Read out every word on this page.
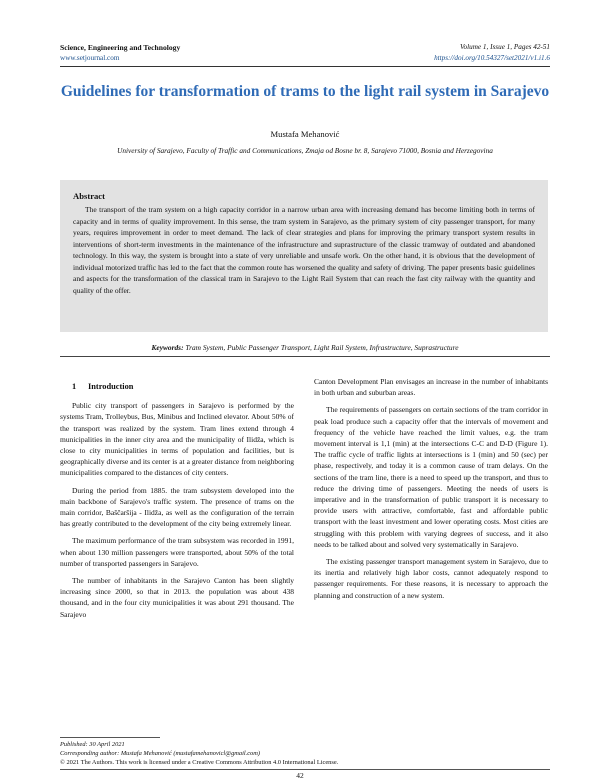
Science, Engineering and Technology
www.setjournal.com
Volume 1, Issue 1, Pages 42-51
https://doi.org/10.54327/set2021/v1.i1.6
Guidelines for transformation of trams to the light rail system in Sarajevo
Mustafa Mehanović
University of Sarajevo, Faculty of Traffic and Communications, Zmaja od Bosne br. 8, Sarajevo 71000, Bosnia and Herzegovina
Abstract

The transport of the tram system on a high capacity corridor in a narrow urban area with increasing demand has become limiting both in terms of capacity and in terms of quality improvement. In this sense, the tram system in Sarajevo, as the primary system of city passenger transport, for many years, requires improvement in order to meet demand. The lack of clear strategies and plans for improving the primary transport system results in interventions of short-term investments in the maintenance of the infrastructure and suprastructure of the classic tramway of outdated and abandoned technology. In this way, the system is brought into a state of very unreliable and unsafe work. On the other hand, it is obvious that the development of individual motorized traffic has led to the fact that the common route has worsened the quality and safety of driving. The paper presents basic guidelines and aspects for the transformation of the classical tram in Sarajevo to the Light Rail System that can reach the fast city railway with the quantity and quality of the offer.

Keywords: Tram System, Public Passenger Transport, Light Rail System, Infrastructure, Suprastructure
1 Introduction

Public city transport of passengers in Sarajevo is performed by the systems Tram, Trolleybus, Bus, Minibus and Inclined elevator. About 50% of the transport was realized by the system. Tram lines extend through 4 municipalities in the inner city area and the municipality of Ilidža, which is close to city municipalities in terms of population and facilities, but is geographically diverse and its center is at a greater distance from neighboring municipalities compared to the distances of city centers.

During the period from 1885. the tram subsystem developed into the main backbone of Sarajevo's traffic system. The presence of trams on the main corridor, Baščaršija - Ilidža, as well as the configuration of the terrain has greatly contributed to the development of the city being extremely linear.

The maximum performance of the tram subsystem was recorded in 1991, when about 130 million passengers were transported, about 50% of the total number of transported passengers in Sarajevo.

The number of inhabitants in the Sarajevo Canton has been slightly increasing since 2000, so that in 2013. the population was about 438 thousand, and in the four city municipalities it was about 291 thousand. The Sarajevo

Canton Development Plan envisages an increase in the number of inhabitants in both urban and suburban areas.

The requirements of passengers on certain sections of the tram corridor in peak load produce such a capacity offer that the intervals of movement and frequency of the vehicle have reached the limit values, e.g. the tram movement interval is 1,1 (min) at the intersections C-C and D-D (Figure 1). The traffic cycle of traffic lights at intersections is 1 (min) and 50 (sec) per phase, respectively, and today it is a common cause of tram delays. On the sections of the tram line, there is a need to speed up the transport, and thus to reduce the driving time of passengers. Meeting the needs of users is imperative and in the transformation of public transport it is necessary to provide users with attractive, comfortable, fast and affordable public transport with the least investment and lower operating costs. Most cities are struggling with this problem with varying degrees of success, and it also needs to be talked about and solved very systematically in Sarajevo.

The existing passenger transport management system in Sarajevo, due to its inertia and relatively high labor costs, cannot adequately respond to passenger requirements. For these reasons, it is necessary to approach the planning and construction of a new system.

Published: 30 April 2021
Corresponding author: Mustafa Mehanović (mustafamehanovicl@gmail.com)
© 2021 The Authors. This work is licensed under a Creative Commons Attribution 4.0 International License.
42
